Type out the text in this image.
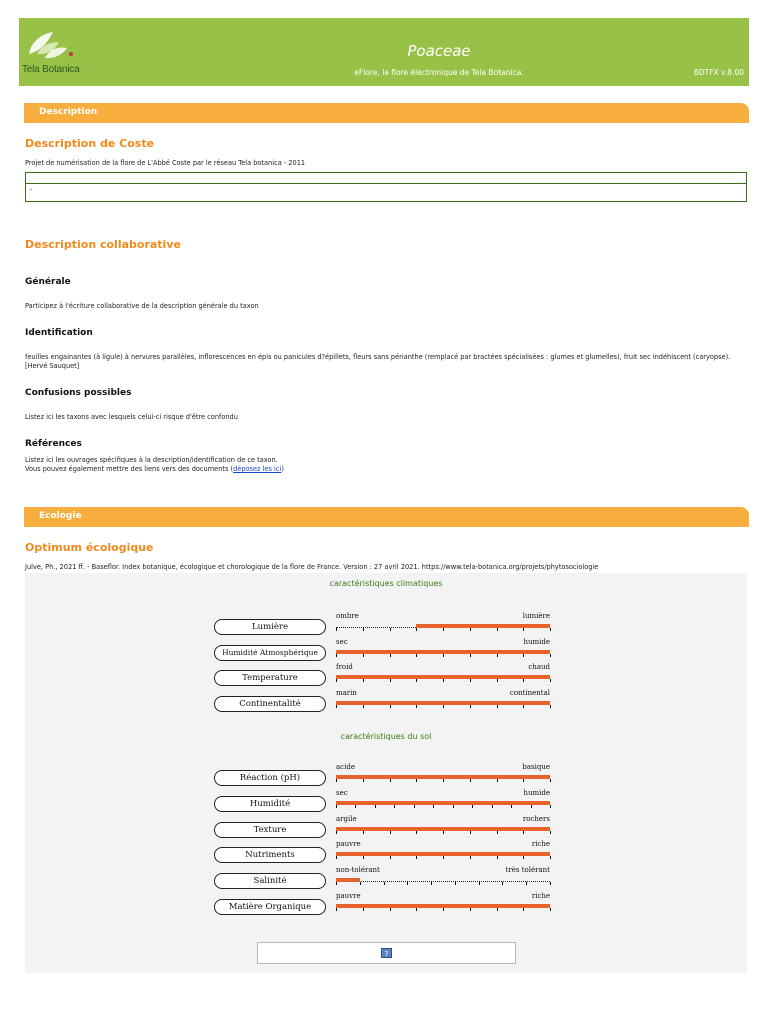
Tela Botanica
Poaceae
eFlore, la flore électronique de Tela Botanica.	BDTFX v.8.00
Description
Description de Coste
Projet de numérisation de la flore de L'Abbé Coste par le réseau Tela botanica - 2011
-
Description collaborative
Générale
Participez à l'écriture collaborative de la description générale du taxon
Identification
feuilles engainantes (à ligule) à nervures parallèles, inflorescences en épis ou panicules d?épillets, fleurs sans périanthe (remplacé par bractées spécialisées : glumes et glumelles), fruit sec indéhiscent (caryopse). [Hervé Sauquet]
Confusions possibles
Listez ici les taxons avec lesquels celui-ci risque d'être confondu
Références
Listez ici les ouvrages spécifiques à la description/identification de ce taxon.
Vous pouvez également mettre des liens vers des documents (déposez les ici)
Ecologie
Optimum écologique
Julve, Ph., 2021 ff. - Baseflor. Index botanique, écologique et chorologique de la flore de France. Version : 27 avril 2021. https://www.tela-botanica.org/projets/phytosociologie
caractéristiques climatiques
caractéristiques du sol
Lumière
ombre	lumière
Humidité Atmosphérique
sec	humide
Temperature
froid	chaud
Continentalité
marin	continental
Réaction (pH)
acide	basique
Humidité
sec	humide
Texture
argile	rochers
Nutriments
pauvre	riche
Salinité
non-tolérant	très tolérant
Matière Organique
pauvre	riche
?
